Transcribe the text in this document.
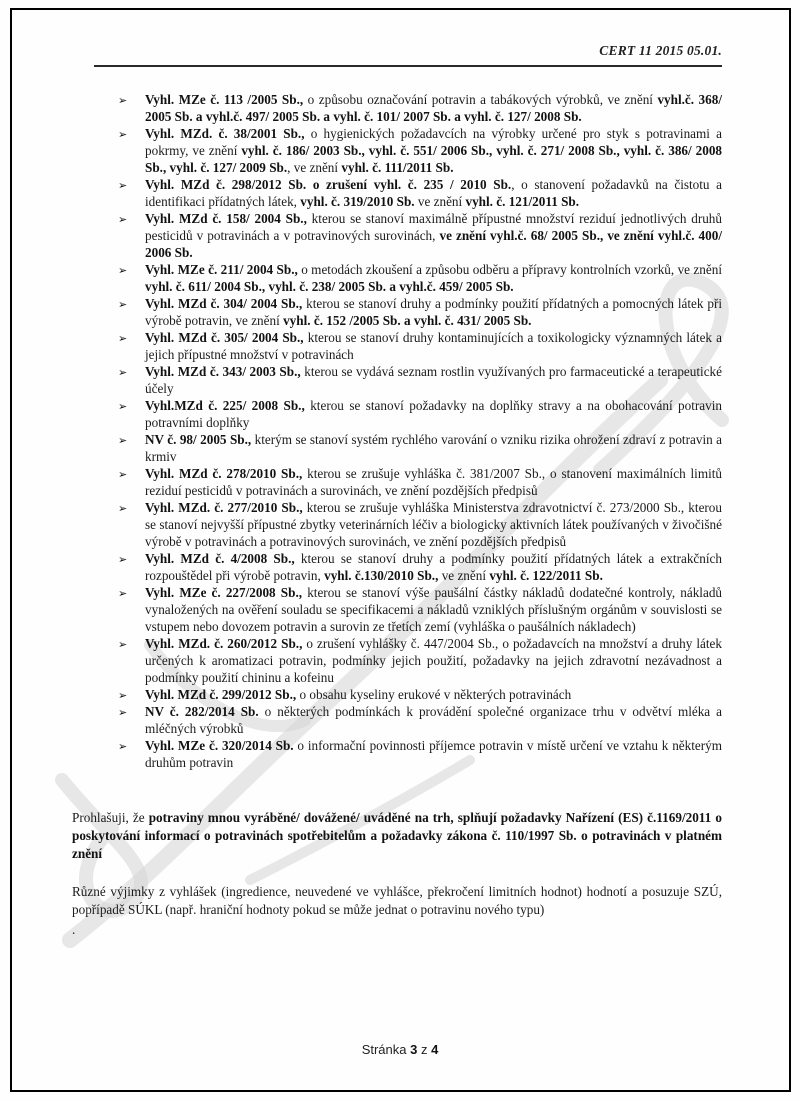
CERT 11 2015 05.01.
➢ Vyhl. MZe č. 113 /2005 Sb., o způsobu označování potravin a tabákových výrobků, ve znění vyhl.č. 368/ 2005 Sb. a vyhl.č. 497/ 2005 Sb. a vyhl. č. 101/ 2007 Sb. a vyhl. č. 127/ 2008 Sb.
➢ Vyhl. MZd. č. 38/2001 Sb., o hygienických požadavcích na výrobky určené pro styk s potravinami a pokrmy, ve znění vyhl. č. 186/ 2003 Sb., vyhl. č. 551/ 2006 Sb., vyhl. č. 271/ 2008 Sb., vyhl. č. 386/ 2008 Sb., vyhl. č. 127/ 2009 Sb., ve znění vyhl. č. 111/2011 Sb.
➢ Vyhl. MZd č. 298/2012 Sb. o zrušení vyhl. č. 235 / 2010 Sb., o stanovení požadavků na čistotu a identifikaci přídatných látek, vyhl. č. 319/2010 Sb. ve znění vyhl. č. 121/2011 Sb.
➢ Vyhl. MZd č. 158/ 2004 Sb., kterou se stanoví maximálně přípustné množství reziduí jednotlivých druhů pesticidů v potravinách a v potravinových surovinách, ve znění vyhl.č. 68/ 2005 Sb., ve znění vyhl.č. 400/ 2006 Sb.
➢ Vyhl. MZe č. 211/ 2004 Sb., o metodách zkoušení a způsobu odběru a přípravy kontrolních vzorků, ve znění vyhl. č. 611/ 2004 Sb., vyhl. č. 238/ 2005 Sb. a vyhl.č. 459/ 2005 Sb.
➢ Vyhl. MZd č. 304/ 2004 Sb., kterou se stanoví druhy a podmínky použití přídatných a pomocných látek při výrobě potravin, ve znění vyhl. č. 152 /2005 Sb. a vyhl. č. 431/ 2005 Sb.
➢ Vyhl. MZd č. 305/ 2004 Sb., kterou se stanoví druhy kontaminujících a toxikologicky významných látek a jejich přípustné množství v potravinách
➢ Vyhl. MZd č. 343/ 2003 Sb., kterou se vydává seznam rostlin využívaných pro farmaceutické a terapeutické účely
➢ Vyhl.MZd č. 225/ 2008 Sb., kterou se stanoví požadavky na doplňky stravy a na obohacování potravin potravními doplňky
➢ NV č. 98/ 2005 Sb., kterým se stanoví systém rychlého varování o vzniku rizika ohrožení zdraví z potravin a krmiv
➢ Vyhl. MZd č. 278/2010 Sb., kterou se zrušuje vyhláška č. 381/2007 Sb., o stanovení maximálních limitů reziduí pesticidů v potravinách a surovinách, ve znění pozdějších předpisů
➢ Vyhl. MZd. č. 277/2010 Sb., kterou se zrušuje vyhláška Ministerstva zdravotnictví č. 273/2000 Sb., kterou se stanoví nejvyšší přípustné zbytky veterinárních léčiv a biologicky aktivních látek používaných v živočišné výrobě v potravinách a potravinových surovinách, ve znění pozdějších předpisů
➢ Vyhl. MZd č. 4/2008 Sb., kterou se stanoví druhy a podmínky použití přídatných látek a extrakčních rozpouštědel při výrobě potravin, vyhl. č.130/2010 Sb., ve znění vyhl. č. 122/2011 Sb.
➢ Vyhl. MZe č. 227/2008 Sb., kterou se stanoví výše paušální částky nákladů dodatečné kontroly, nákladů vynaložených na ověření souladu se specifikacemi a nákladů vzniklých příslušným orgánům v souvislosti se vstupem nebo dovozem potravin a surovin ze třetích zemí (vyhláška o paušálních nákladech)
➢ Vyhl. MZd. č. 260/2012 Sb., o zrušení vyhlášky č. 447/2004 Sb., o požadavcích na množství a druhy látek určených k aromatizaci potravin, podmínky jejich použití, požadavky na jejich zdravotní nezávadnost a podmínky použití chininu a kofeinu
➢ Vyhl. MZd č. 299/2012 Sb., o obsahu kyseliny erukové v některých potravinách
➢ NV č. 282/2014 Sb. o některých podmínkách k provádění společné organizace trhu v odvětví mléka a mléčných výrobků
➢ Vyhl. MZe č. 320/2014 Sb. o informační povinnosti příjemce potravin v místě určení ve vztahu k některým druhům potravin

Prohlašuji, že potraviny mnou vyráběné/ dovážené/ uváděné na trh, splňují požadavky Nařízení (ES) č.1169/2011 o poskytování informací o potravinách spotřebitelům a požadavky zákona č. 110/1997 Sb. o potravinách v platném znění

Různé výjimky z vyhlášek (ingredience, neuvedené ve vyhlášce, překročení limitních hodnot) hodnotí a posuzuje SZÚ, popřípadě SÚKL (např. hraniční hodnoty pokud se může jednat o potravinu nového typu)

.

Stránka 3 z 4
